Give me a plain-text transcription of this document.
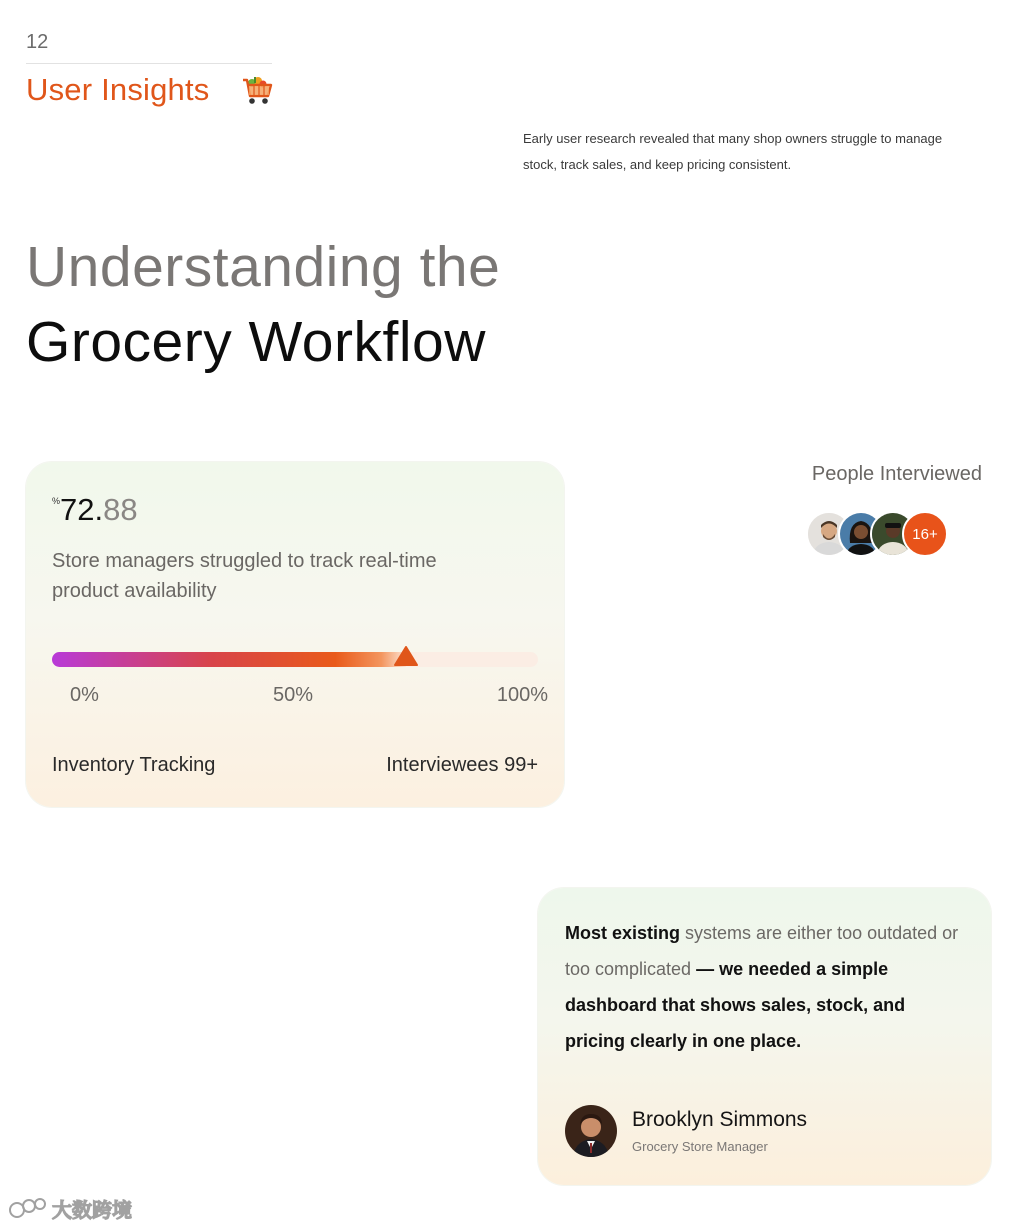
12
User Insights
Early user research revealed that many shop owners struggle to manage stock, track sales, and keep pricing consistent.
Understanding the
Grocery Workflow
%72.88
Store managers struggled to track real-time product availability
0%	50%	100%
Inventory Tracking	Interviewees 99+
People Interviewed
16+
Most existing systems are either too outdated or too complicated — we needed a simple dashboard that shows sales, stock, and pricing clearly in one place.
Brooklyn Simmons
Grocery Store Manager
大数跨境
